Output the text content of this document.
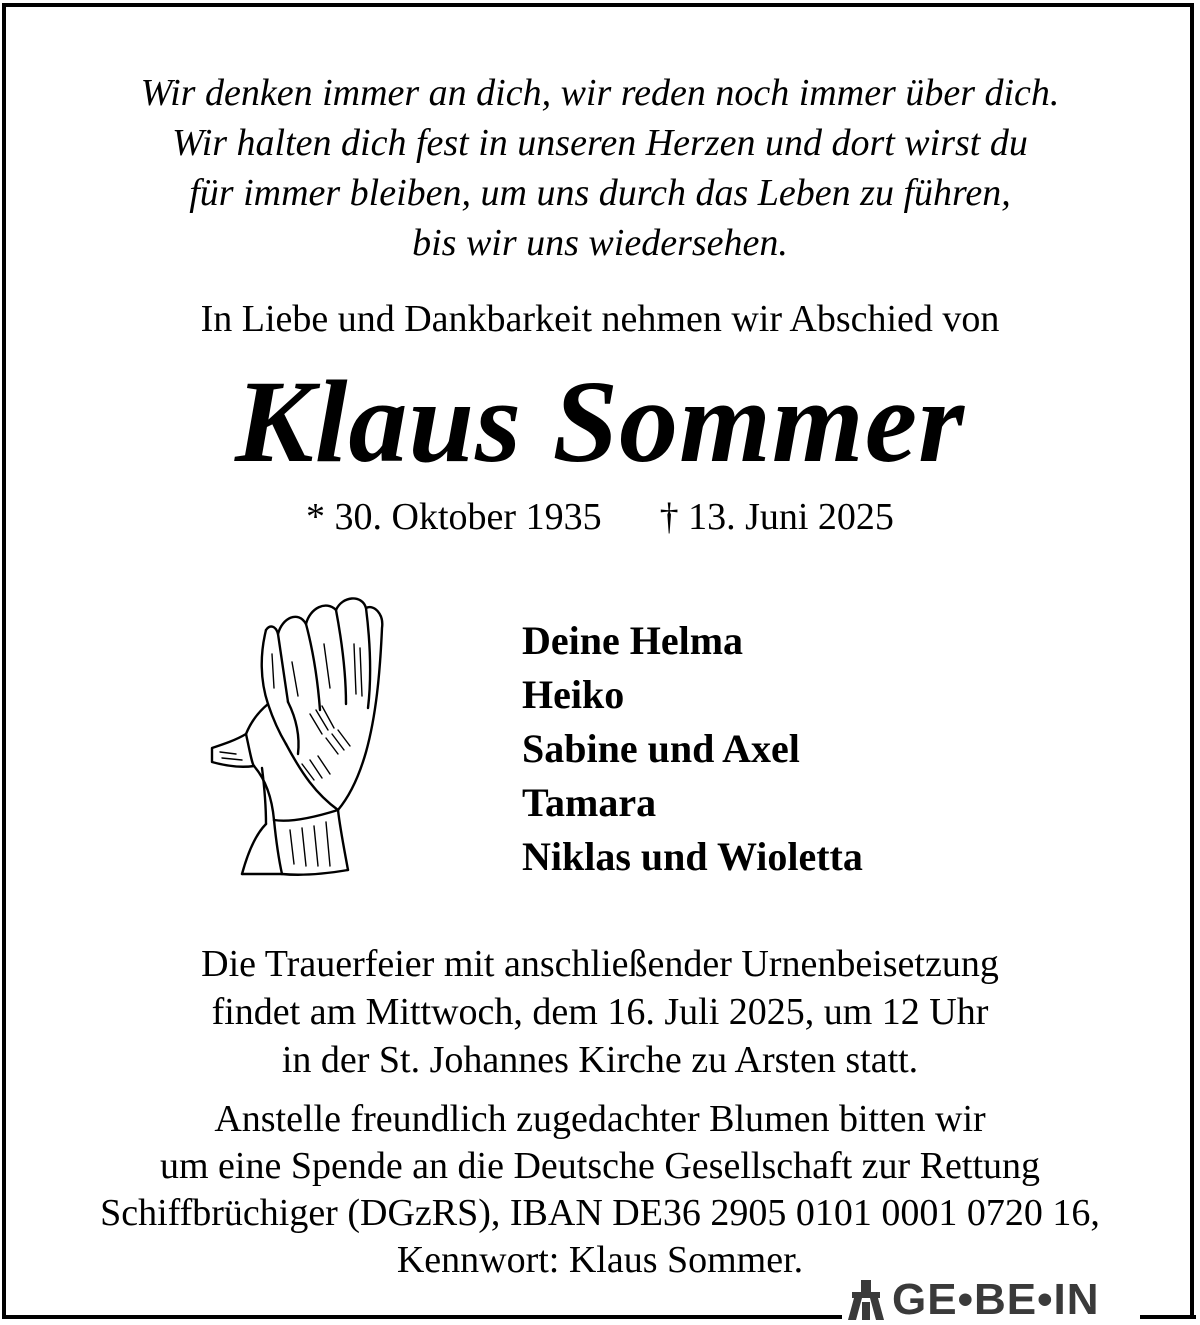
Wir denken immer an dich, wir reden noch immer über dich.
Wir halten dich fest in unseren Herzen und dort wirst du
für immer bleiben, um uns durch das Leben zu führen,
bis wir uns wiedersehen.
In Liebe und Dankbarkeit nehmen wir Abschied von
Klaus Sommer
* 30. Oktober 1935 † 13. Juni 2025
Deine Helma
Heiko
Sabine und Axel
Tamara
Niklas und Wioletta
Die Trauerfeier mit anschließender Urnenbeisetzung
findet am Mittwoch, dem 16. Juli 2025, um 12 Uhr
in der St. Johannes Kirche zu Arsten statt.
Anstelle freundlich zugedachter Blumen bitten wir
um eine Spende an die Deutsche Gesellschaft zur Rettung
Schiffbrüchiger (DGzRS), IBAN DE36 2905 0101 0001 0720 16,
Kennwort: Klaus Sommer.
GE•BE•IN
